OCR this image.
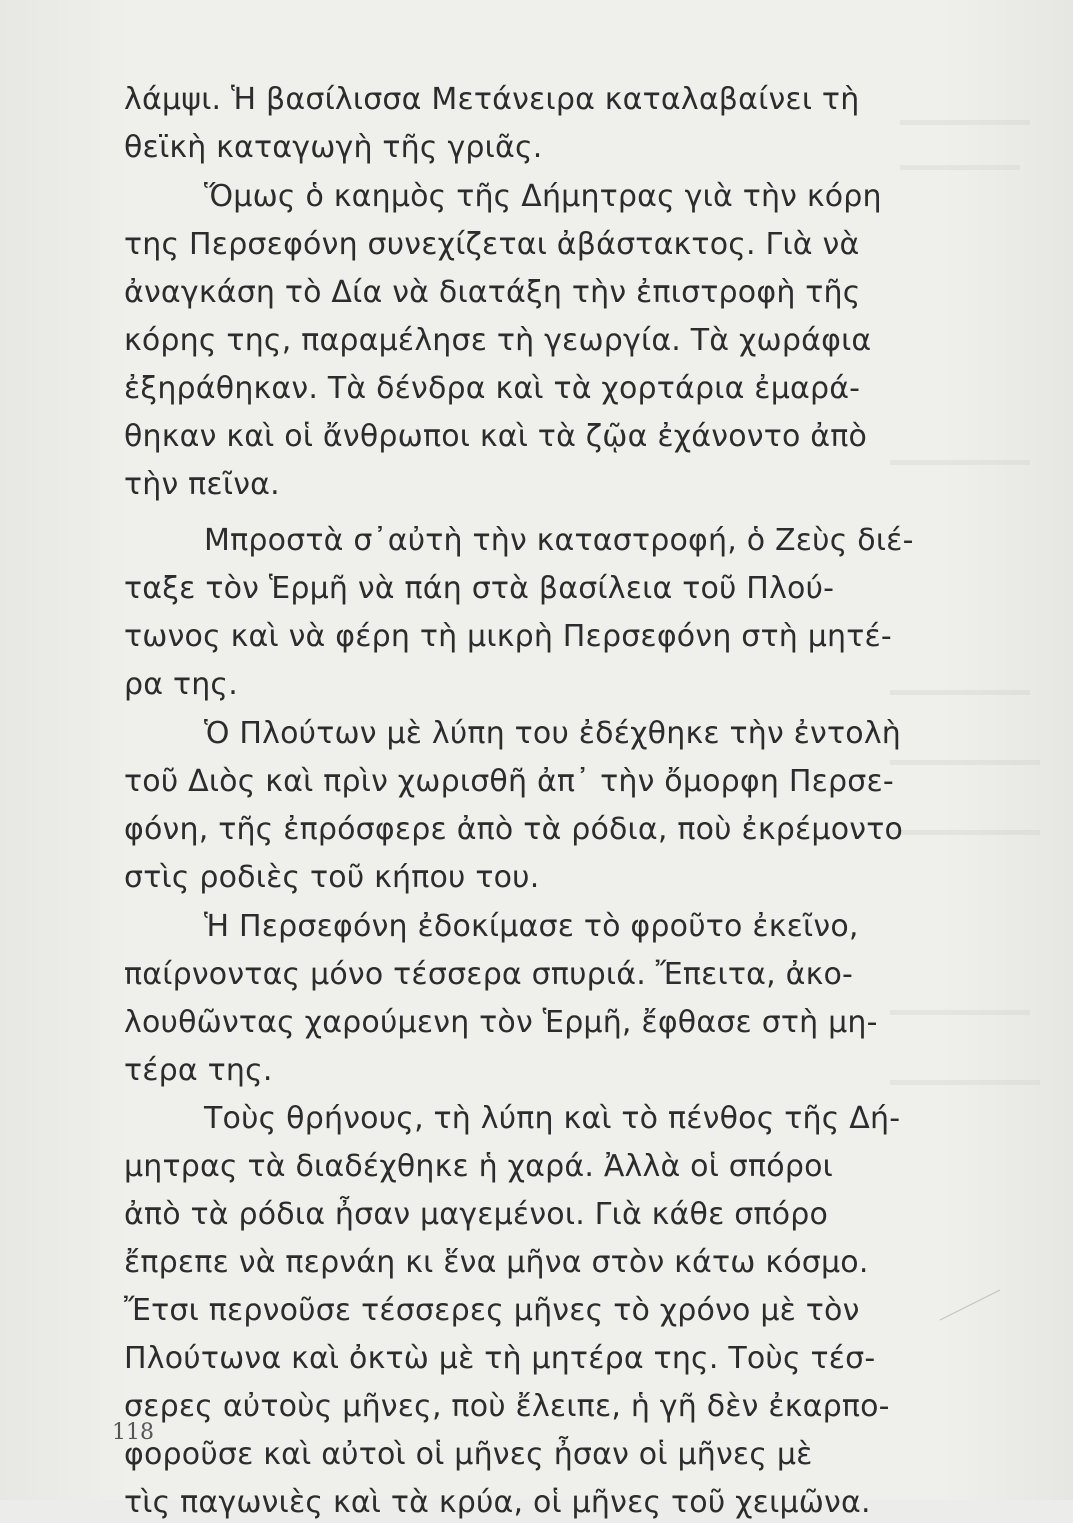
λάμψι. Ἡ βασίλισσα Μετάνειρα καταλαβαίνει τὴ
θεϊκὴ καταγωγὴ τῆς γριᾶς.
Ὅμως ὁ καημὸς τῆς Δήμητρας γιὰ τὴν κόρη
της Περσεφόνη συνεχίζεται ἀβάστακτος. Γιὰ νὰ
ἀναγκάση τὸ Δία νὰ διατάξη τὴν ἐπιστροφὴ τῆς
κόρης της, παραμέλησε τὴ γεωργία. Τὰ χωράφια
ἐξηράθηκαν. Τὰ δένδρα καὶ τὰ χορτάρια ἐμαρά-
θηκαν καὶ οἱ ἄνθρωποι καὶ τὰ ζῷα ἐχάνοντο ἀπὸ
τὴν πεῖνα.
Μπροστὰ σ᾿αὐτὴ τὴν καταστροφή, ὁ Ζεὺς διέ-
ταξε τὸν Ἑρμῆ νὰ πάη στὰ βασίλεια τοῦ Πλού-
τωνος καὶ νὰ φέρη τὴ μικρὴ Περσεφόνη στὴ μητέ-
ρα της.
Ὁ Πλούτων μὲ λύπη του ἐδέχθηκε τὴν ἐντολὴ
τοῦ Διὸς καὶ πρὶν χωρισθῆ ἀπ᾿ τὴν ὄμορφη Περσε-
φόνη, τῆς ἐπρόσφερε ἀπὸ τὰ ρόδια, ποὺ ἐκρέμοντο
στὶς ροδιὲς τοῦ κήπου του.
Ἡ Περσεφόνη ἐδοκίμασε τὸ φροῦτο ἐκεῖνο,
παίρνοντας μόνο τέσσερα σπυριά. Ἔπειτα, ἀκο-
λουθῶντας χαρούμενη τὸν Ἑρμῆ, ἔφθασε στὴ μη-
τέρα της.
Τοὺς θρήνους, τὴ λύπη καὶ τὸ πένθος τῆς Δή-
μητρας τὰ διαδέχθηκε ἡ χαρά. Ἀλλὰ οἱ σπόροι
ἀπὸ τὰ ρόδια ἦσαν μαγεμένοι. Γιὰ κάθε σπόρο
ἔπρεπε νὰ περνάη κι ἕνα μῆνα στὸν κάτω κόσμο.
Ἔτσι περνοῦσε τέσσερες μῆνες τὸ χρόνο μὲ τὸν
Πλούτωνα καὶ ὀκτὼ μὲ τὴ μητέρα της. Τοὺς τέσ-
σερες αὐτοὺς μῆνες, ποὺ ἔλειπε, ἡ γῆ δὲν ἐκαρπο-
φοροῦσε καὶ αὐτοὶ οἱ μῆνες ἦσαν οἱ μῆνες μὲ
τὶς παγωνιὲς καὶ τὰ κρύα, οἱ μῆνες τοῦ χειμῶνα.
118
